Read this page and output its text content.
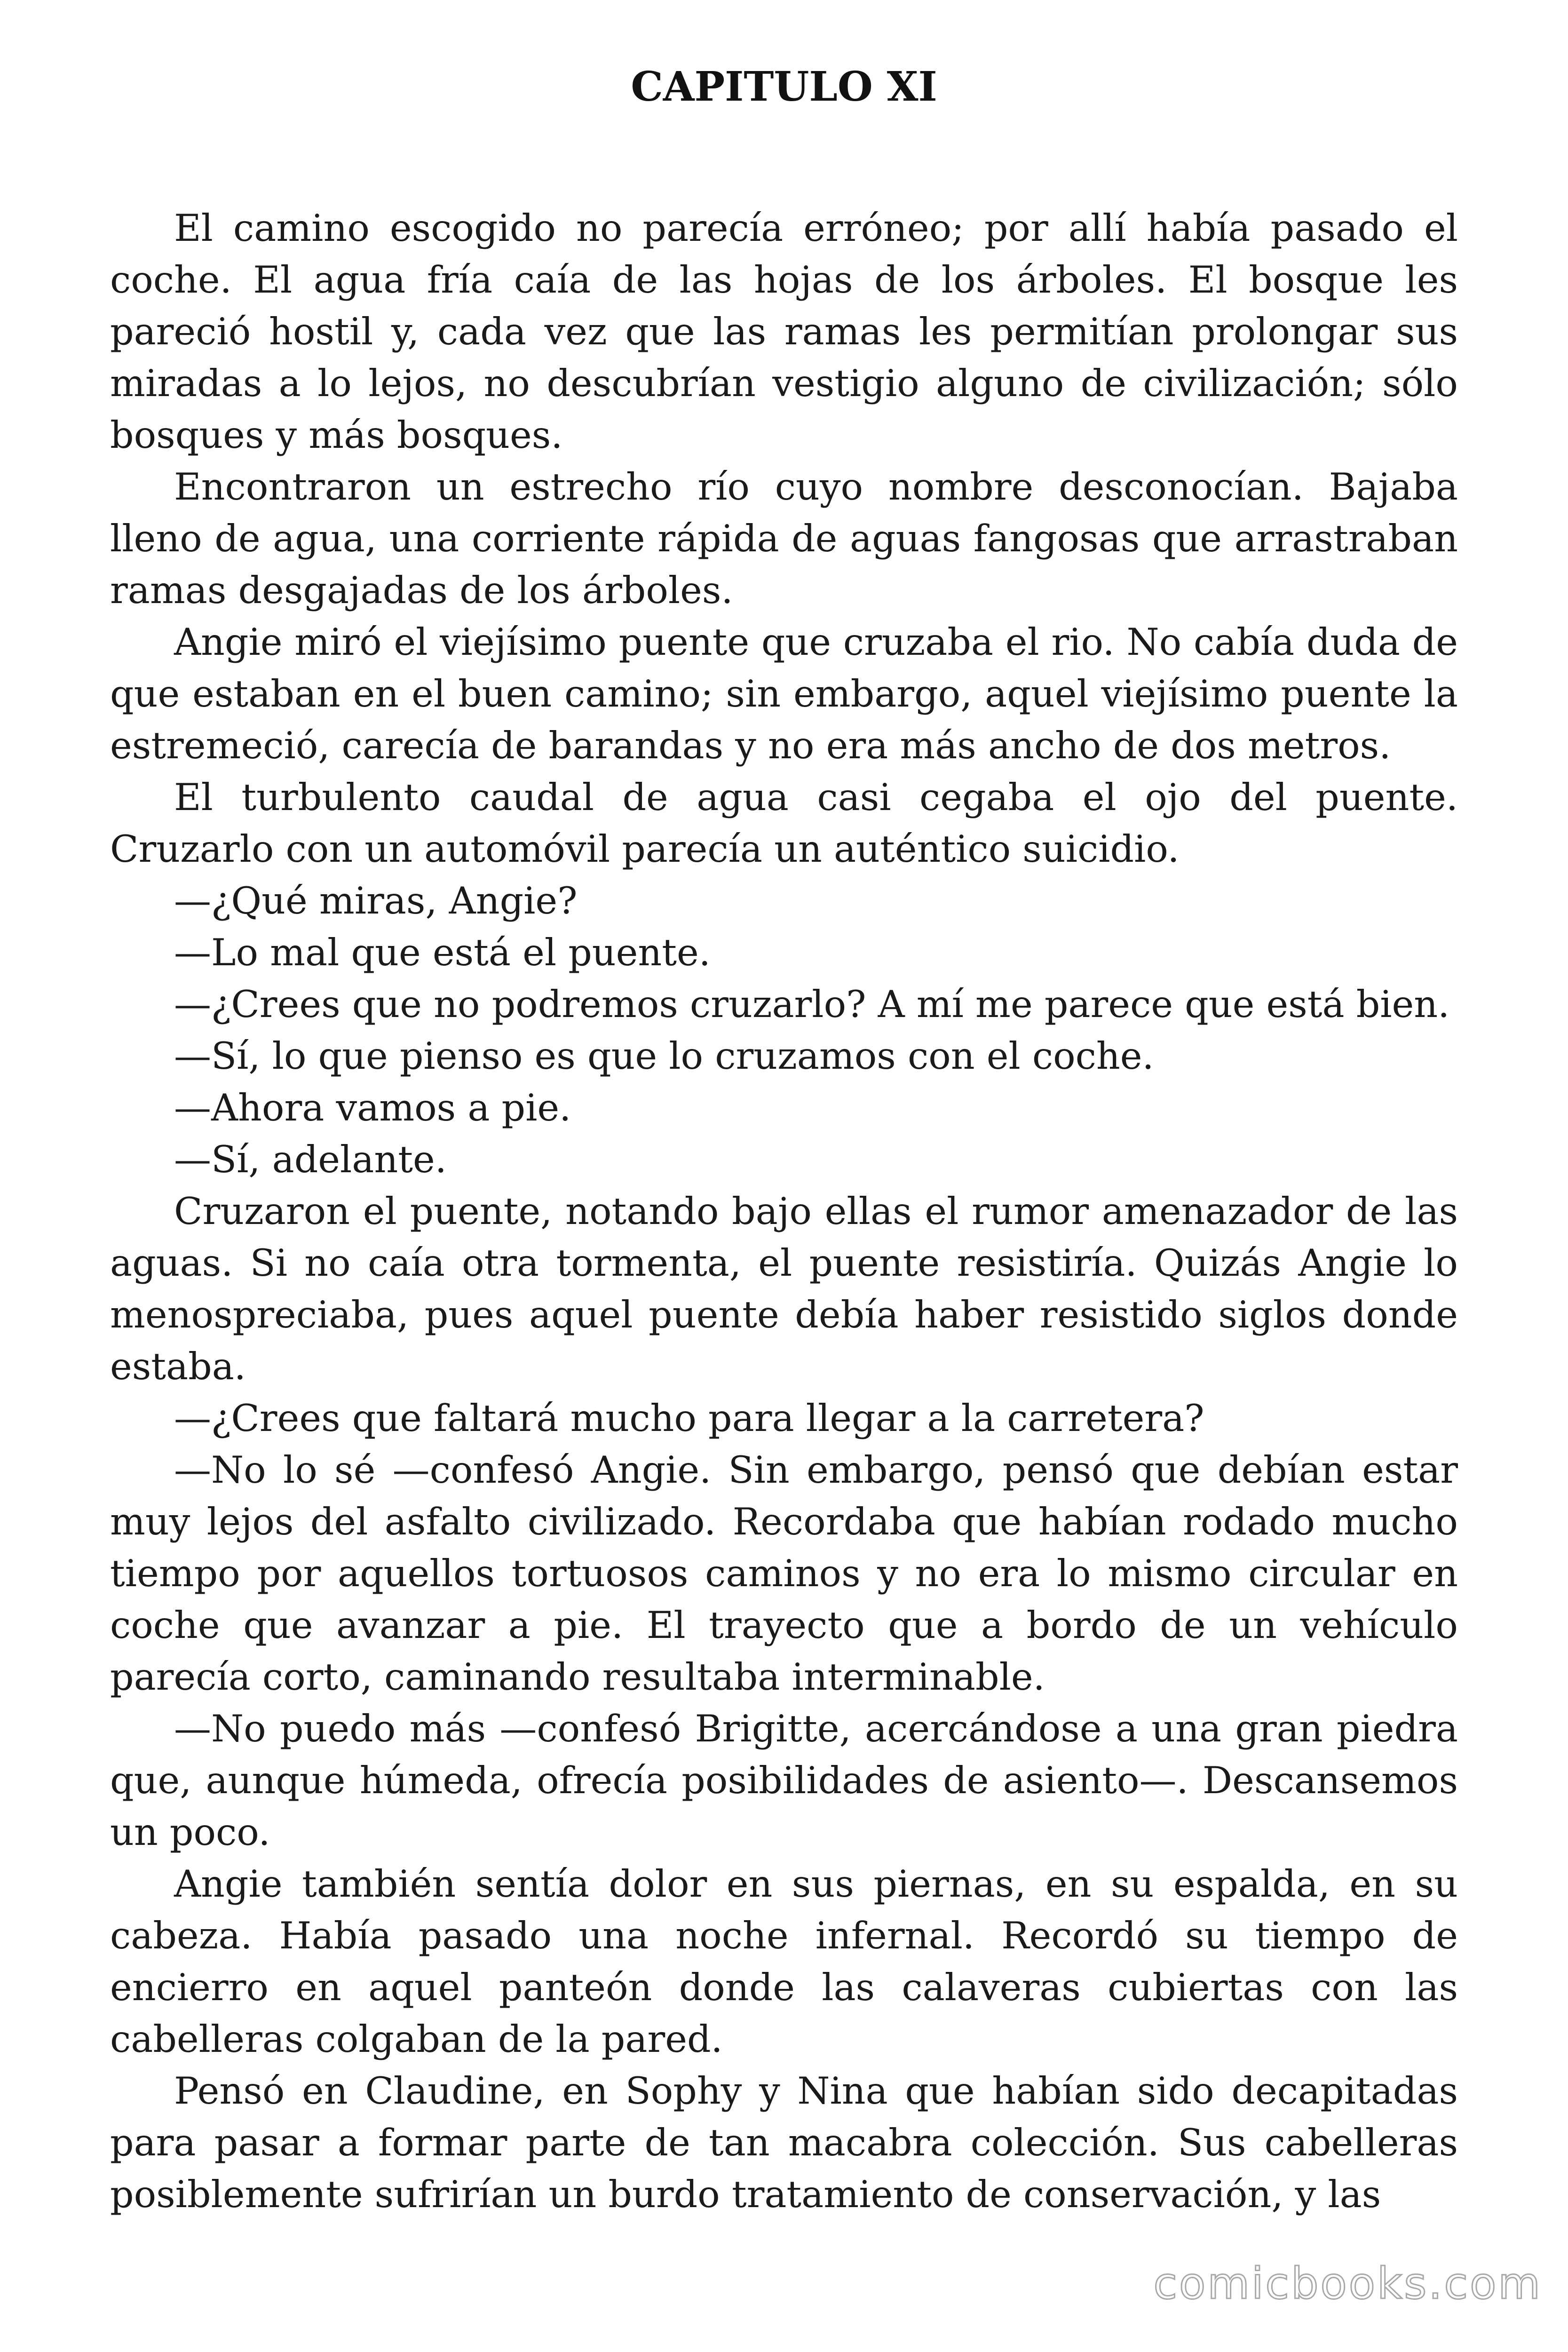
CAPITULO XI

El camino escogido no parecía erróneo; por allí había pasado el coche. El agua fría caía de las hojas de los árboles. El bosque les pareció hostil y, cada vez que las ramas les permitían prolongar sus miradas a lo lejos, no descubrían vestigio alguno de civilización; sólo bosques y más bosques.

Encontraron un estrecho río cuyo nombre desconocían. Bajaba lleno de agua, una corriente rápida de aguas fangosas que arrastraban ramas desgajadas de los árboles.

Angie miró el viejísimo puente que cruzaba el rio. No cabía duda de que estaban en el buen camino; sin embargo, aquel viejísimo puente la estremeció, carecía de barandas y no era más ancho de dos metros.

El turbulento caudal de agua casi cegaba el ojo del puente. Cruzarlo con un automóvil parecía un auténtico suicidio.

—¿Qué miras, Angie?

—Lo mal que está el puente.

—¿Crees que no podremos cruzarlo? A mí me parece que está bien.

—Sí, lo que pienso es que lo cruzamos con el coche.

—Ahora vamos a pie.

—Sí, adelante.

Cruzaron el puente, notando bajo ellas el rumor amenazador de las aguas. Si no caía otra tormenta, el puente resistiría. Quizás Angie lo menospreciaba, pues aquel puente debía haber resistido siglos donde estaba.

—¿Crees que faltará mucho para llegar a la carretera?

—No lo sé —confesó Angie. Sin embargo, pensó que debían estar muy lejos del asfalto civilizado. Recordaba que habían rodado mucho tiempo por aquellos tortuosos caminos y no era lo mismo circular en coche que avanzar a pie. El trayecto que a bordo de un vehículo parecía corto, caminando resultaba interminable.

—No puedo más —confesó Brigitte, acercándose a una gran piedra que, aunque húmeda, ofrecía posibilidades de asiento—. Descansemos un poco.

Angie también sentía dolor en sus piernas, en su espalda, en su cabeza. Había pasado una noche infernal. Recordó su tiempo de encierro en aquel panteón donde las calaveras cubiertas con las cabelleras colgaban de la pared.

Pensó en Claudine, en Sophy y Nina que habían sido decapitadas para pasar a formar parte de tan macabra colección. Sus cabelleras posiblemente sufrirían un burdo tratamiento de conservación, y las

comicbooks.com
